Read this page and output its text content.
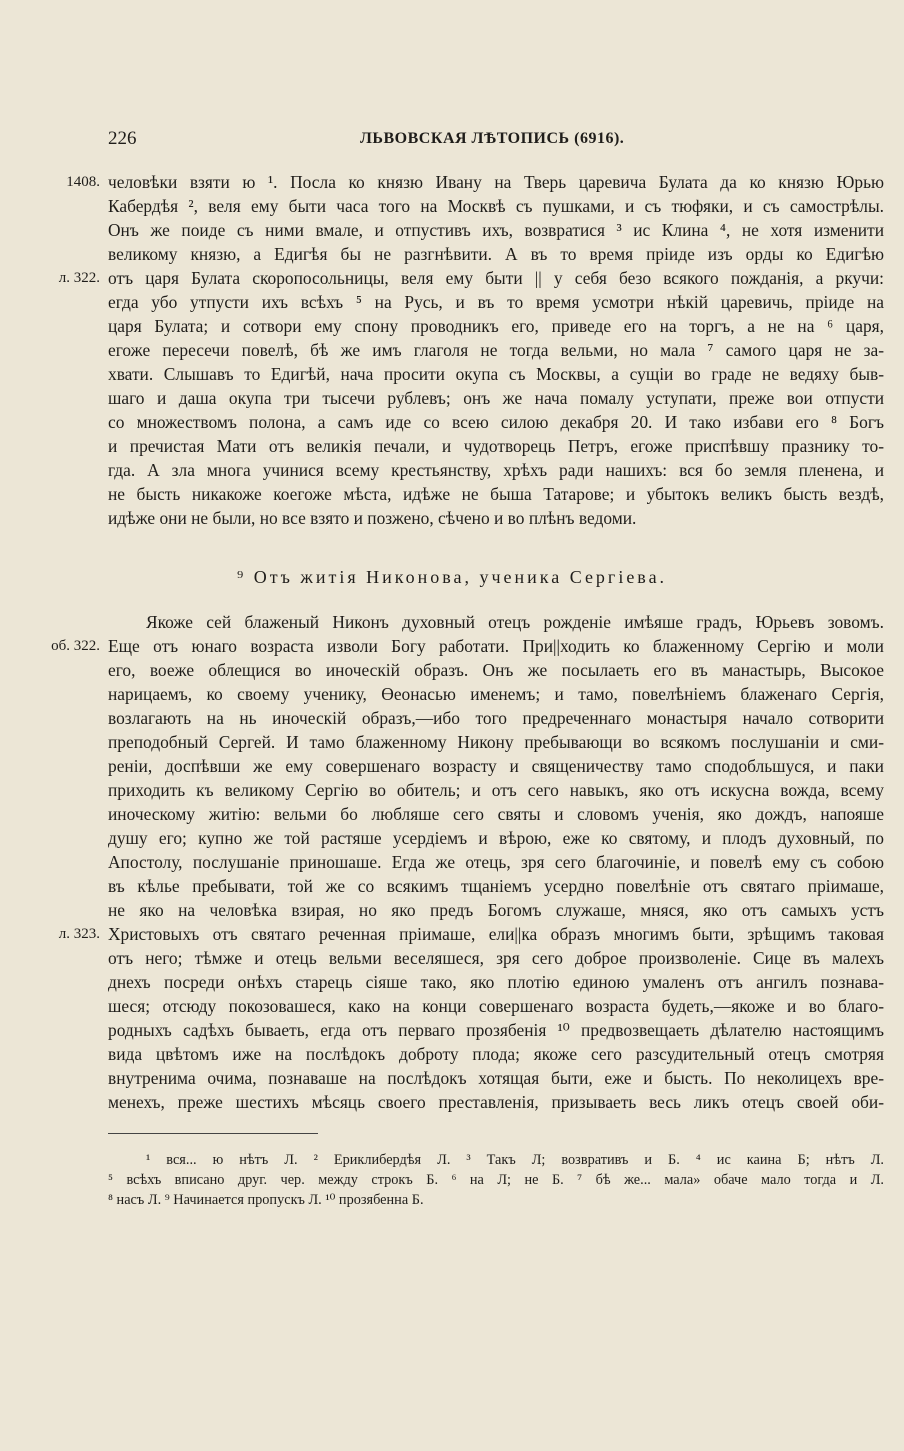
226	ЛЬВОВСКАЯ ЛѢТОПИСЬ (6916).
1408.
л. 322.
об. 322.
л. 323.
человѣки взяти ю ¹. Посла ко князю Ивану на Тверь царевича Булата да ко князю Юрью
Кабердѣя ², веля ему быти часа того на Москвѣ съ пушками, и съ тюфяки, и съ самострѣлы.
Онъ же поиде съ ними вмале, и отпустивъ ихъ, возвратися ³ ис Клина ⁴, не хотя изменити
великому князю, а Едигѣя бы не разгнѣвити. А въ то время прiиде изъ орды ко Едигѣю
отъ царя Булата скоропосольницы, веля ему быти || у себя безо всякого пожданiя, а ркучи:
егда убо утпусти ихъ всѣхъ ⁵ на Русь, и въ то время усмотри нѣкiй царевичь, прiиде на
царя Булата; и сотвори ему спону проводникъ его, приведе его на торгъ, а не на ⁶ царя,
егоже пересечи повелѣ, бѣ же имъ глаголя не тогда вельми, но мала ⁷ самого царя не за-
хвати. Слышавъ то Едигѣй, нача просити окупа съ Москвы, а сущiи во граде не ведяху быв-
шаго и даша окупа три тысечи рублевъ; онъ же нача помалу уступати, преже вои отпусти
со множествомъ полона, а самъ иде со всею силою декабря 20. И тако избави его ⁸ Богъ
и пречистая Мати отъ великiя печали, и чудотворець Петръ, егоже приспѣвшу празнику то-
гда. А зла многа учинися всему крестьянству, хрѣхъ ради нашихъ: вся бо земля пленена, и
не бысть никакоже коегоже мѣста, идѣже не быша Татарове; и убытокъ великъ бысть вездѣ,
идѣже они не были, но все взято и позжено, сѣчено и во плѣнъ ведоми.
⁹ Отъ житiя Никонова, ученика Сергiева.
Якоже сей блаженый Никонъ духовный отецъ рожденiе имѣяше градъ, Юрьевъ зовомъ.
Еще отъ юнаго возраста изволи Богу работати. При||ходить ко блаженному Сергiю и моли
его, воеже облещися во иноческiй образъ. Онъ же посылаеть его въ манастырь, Высокое
нарицаемъ, ко своему ученику, Өеонасью именемъ; и тамо, повелѣнiемъ блаженаго Сергiя,
возлагають на нь иноческiй образъ,—ибо того предреченнаго монастыря начало сотворити
преподобный Сергей. И тамо блаженному Никону пребывающи во всякомъ послушанiи и сми-
ренiи, доспѣвши же ему совершенаго возрасту и священичеству тамо сподобльшуся, и паки
приходить къ великому Сергiю во обитель; и отъ сего навыкъ, яко отъ искусна вожда, всему
иноческому житiю: вельми бо любляше сего святы и словомъ ученiя, яко дождъ, напояше
душу его; купно же той растяше усердiемъ и вѣрою, еже ко святому, и плодъ духовный, по
Апостолу, послушанiе приношаше. Егда же отець, зря сего благочинiе, и повелѣ ему съ собою
въ кѣлье пребывати, той же со всякимъ тщанiемъ усердно повелѣнiе отъ святаго прiимаше,
не яко на человѣка взирая, но яко предъ Богомъ служаше, мняся, яко отъ самыхъ устъ
Христовыхъ отъ святаго реченная прiимаше, ели||ка образъ многимъ быти, зрѣщимъ таковая
отъ него; тѣмже и отець вельми веселяшеся, зря сего доброе произволенiе. Сице въ малехъ
днехъ посреди онѣхъ старець сiяше тако, яко плотiю единою умаленъ отъ ангилъ познава-
шеся; отсюду покозовашеся, како на конци совершенаго возраста будеть,—якоже и во благо-
родныхъ садѣхъ бываеть, егда отъ перваго прозябенiя ¹⁰ предвозвещаеть дѣлателю настоящимъ
вида цвѣтомъ иже на послѣдокъ доброту плода; якоже сего разсудительный отецъ смотряя
внутренима очима, познаваше на послѣдокъ хотящая быти, еже и бысть. По неколицехъ вре-
менехъ, преже шестихъ мѣсяць своего преставленiя, призываеть весь ликъ отецъ своей оби-
¹ вся... ю нѣтъ Л. ² Ериклибердѣя Л. ³ Такъ Л; возвративъ и Б. ⁴ ис каина Б; нѣтъ Л.
⁵ всѣхъ вписано друг. чер. между строкъ Б. ⁶ на Л; не Б. ⁷ бѣ же... мала» обаче мало тогда и Л.
⁸ насъ Л. ⁹ Начинается пропускъ Л. ¹⁰ прозябенна Б.
